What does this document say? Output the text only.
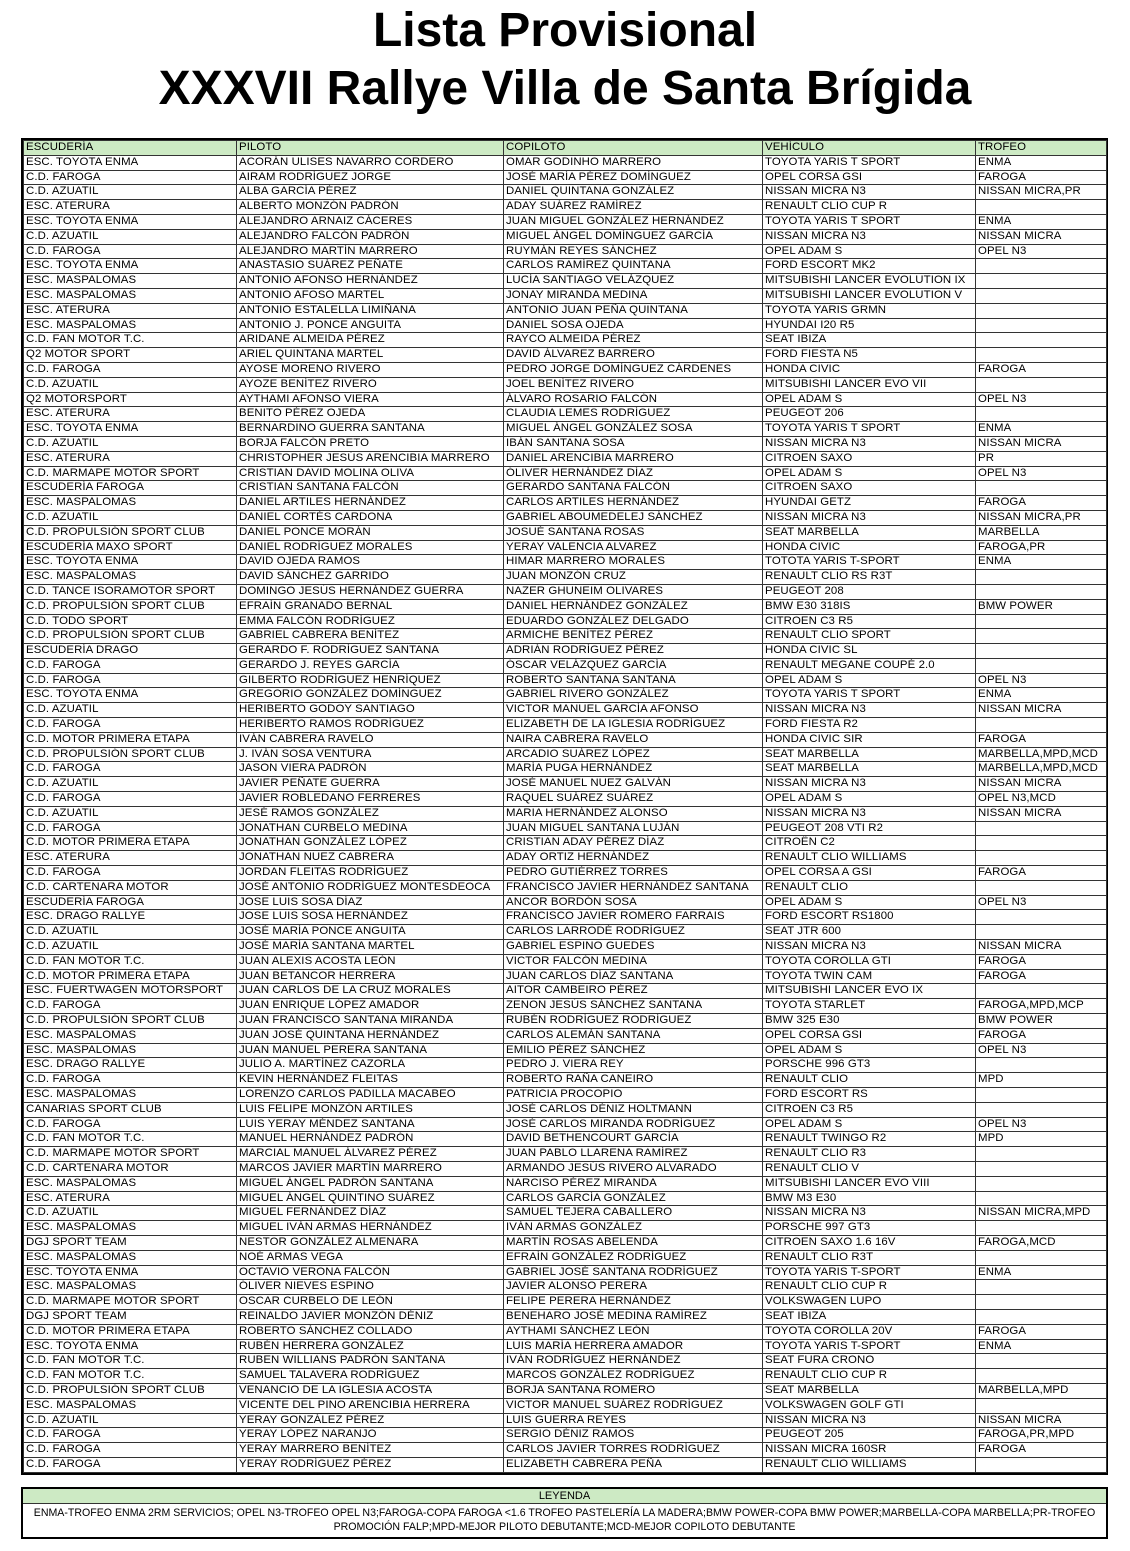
Lista Provisional
XXXVII Rallye Villa de Santa Brígida
ESCUDERÍA	PILOTO	COPILOTO	VEHÍCULO	TROFEO
ESC. TOYOTA ENMA	ACORÁN ULISES NAVARRO CORDERO	OMAR GODINHO MARRERO	TOYOTA YARIS T SPORT	ENMA
C.D. FAROGA	AIRAM RODRÍGUEZ JORGE	JOSÉ MARÍA PÉREZ DOMÍNGUEZ	OPEL CORSA GSI	FAROGA
C.D. AZUATIL	ALBA GARCÍA PÉREZ	DANIEL QUINTANA GONZÁLEZ	NISSAN MICRA N3	NISSAN MICRA,PR
ESC. ATERURA	ALBERTO MONZÓN PADRÓN	ADAY SUÁREZ RAMÍREZ	RENAULT CLIO CUP R	
ESC. TOYOTA ENMA	ALEJANDRO ARNAIZ CÁCERES	JUAN MIGUEL GONZÁLEZ HERNÁNDEZ	TOYOTA YARIS T SPORT	ENMA
C.D. AZUATIL	ALEJANDRO FALCÓN PADRÓN	MIGUEL ÁNGEL DOMÍNGUEZ GARCÍA	NISSAN MICRA N3	NISSAN MICRA
C.D. FAROGA	ALEJANDRO MARTÍN MARRERO	RUYMÁN REYES SÁNCHEZ	OPEL ADAM S	OPEL N3
ESC. TOYOTA ENMA	ANASTASIO SUÁREZ PEÑATE	CARLOS RAMÍREZ QUINTANA	FORD ESCORT MK2	
ESC. MASPALOMAS	ANTONIO AFONSO HERNÁNDEZ	LUCÍA SANTIAGO VELÁZQUEZ	MITSUBISHI LANCER EVOLUTION IX	
ESC. MASPALOMAS	ANTONIO AFOSO MARTEL	JONAY MIRANDA MEDINA	MITSUBISHI LANCER EVOLUTION V	
ESC. ATERURA	ANTONIO ESTALELLA LIMIÑANA	ANTONIO JUAN PEÑA QUINTANA	TOYOTA YARIS GRMN	
ESC. MASPALOMAS	ANTONIO J. PONCE ANGUITA	DANIEL SOSA OJEDA	HYUNDAI I20 R5	
C.D. FAN MOTOR T.C.	ARIDANE ALMEIDA PÉREZ	RAYCO ALMEIDA PÉREZ	SEAT IBIZA	
Q2 MOTOR SPORT	ARIEL QUINTANA MARTEL	DAVID ÁLVAREZ BARRERO	FORD FIESTA N5	
C.D. FAROGA	AYOSE MORENO RIVERO	PEDRO JORGE DOMÍNGUEZ CÁRDENES	HONDA CIVIC	FAROGA
C.D. AZUATIL	AYOZE BENÍTEZ RIVERO	JOEL BENÍTEZ RIVERO	MITSUBISHI LANCER EVO VII	
Q2 MOTORSPORT	AYTHAMI AFONSO VIERA	ÁLVARO ROSARIO FALCÓN	OPEL ADAM S	OPEL N3
ESC. ATERURA	BENITO PÉREZ OJEDA	CLAUDIA LEMES RODRÍGUEZ	PEUGEOT 206	
ESC. TOYOTA ENMA	BERNARDINO GUERRA SANTANA	MIGUEL ÁNGEL GONZÁLEZ SOSA	TOYOTA YARIS T SPORT	ENMA
C.D. AZUATIL	BORJA FALCÓN PRETO	IBÁN SANTANA SOSA	NISSAN MICRA N3	NISSAN MICRA
ESC. ATERURA	CHRISTOPHER JESÚS ARENCIBIA MARRERO	DANIEL ARENCIBIA MARRERO	CITROEN SAXO	PR
C.D. MARMAPE MOTOR SPORT	CRISTIAN DAVID MOLINA OLIVA	ÓLIVER HERNÁNDEZ DÍAZ	OPEL ADAM S	OPEL N3
ESCUDERÍA FAROGA	CRISTIAN SANTANA FALCÓN	GERARDO SANTANA FALCÓN	CITROEN SAXO	
ESC. MASPALOMAS	DANIEL ARTILES HERNÁNDEZ	CARLOS ARTILES HERNÁNDEZ	HYUNDAI GETZ	FAROGA
C.D. AZUATIL	DANIEL CORTÉS CARDONA	GABRIEL ABOUMEDELEJ SÁNCHEZ	NISSAN MICRA N3	NISSAN MICRA,PR
C.D. PROPULSIÓN SPORT CLUB	DANIEL PONCE MORÁN	JOSUÉ SANTANA ROSAS	SEAT MARBELLA	MARBELLA
ESCUDERÍA MAXO SPORT	DANIEL RODRÍGUEZ MORALES	YERAY VALENCIA ALVAREZ	HONDA CIVIC	FAROGA,PR
ESC. TOYOTA ENMA	DAVID OJEDA RAMOS	HIMAR MARRERO MORALES	TOTOTA YARIS T-SPORT	ENMA
ESC. MASPALOMAS	DAVID SÁNCHEZ GARRIDO	JUAN MONZÓN CRUZ	RENAULT CLIO RS R3T	
C.D. TANCE ISORAMOTOR SPORT	DOMINGO JESÚS HERNÁNDEZ GUERRA	NAZER GHUNEIM OLIVARES	PEUGEOT 208	
C.D. PROPULSIÓN SPORT CLUB	EFRAÍN GRANADO BERNAL	DANIEL HERNÁNDEZ GONZÁLEZ	BMW E30 318IS	BMW POWER
C.D. TODO SPORT	EMMA FALCÓN RODRÍGUEZ	EDUARDO GONZÁLEZ DELGADO	CITROEN C3 R5	
C.D. PROPULSIÓN SPORT CLUB	GABRIEL CABRERA BENÍTEZ	ARMICHE BENÍTEZ PÉREZ	RENAULT CLIO SPORT	
ESCUDERÍA DRAGO	GERARDO F. RODRÍGUEZ SANTANA	ADRIÁN RODRÍGUEZ PÉREZ	HONDA CIVIC SL	
C.D. FAROGA	GERARDO J. REYES GARCÍA	ÓSCAR VELÁZQUEZ GARCÍA	RENAULT MEGANE COUPÉ 2.0	
C.D. FAROGA	GILBERTO RODRÍGUEZ HENRÍQUEZ	ROBERTO SANTANA SANTANA	OPEL ADAM S	OPEL N3
ESC. TOYOTA ENMA	GREGORIO GONZÁLEZ DOMÍNGUEZ	GABRIEL RIVERO GONZÁLEZ	TOYOTA YARIS T SPORT	ENMA
C.D. AZUATIL	HERIBERTO GODOY SANTIAGO	VICTOR MANUEL GARCÍA AFONSO	NISSAN MICRA N3	NISSAN MICRA
C.D. FAROGA	HERIBERTO RAMOS RODRÍGUEZ	ELIZABETH DE LA IGLESIA RODRÍGUEZ	FORD FIESTA R2	
C.D. MOTOR PRIMERA ETAPA	IVÁN CABRERA RAVELO	NAIRA CABRERA RAVELO	HONDA CIVIC SIR	FAROGA
C.D. PROPULSIÓN SPORT CLUB	J. IVÁN SOSA VENTURA	ARCADIO SUÁREZ LÓPEZ	SEAT MARBELLA	MARBELLA,MPD,MCD
C.D. FAROGA	JASON VIERA PADRÓN	MARÍA PUGA HERNÁNDEZ	SEAT MARBELLA	MARBELLA,MPD,MCD
C.D. AZUATIL	JAVIER PEÑATE GUERRA	JOSÉ MANUEL NUEZ GALVÁN	NISSAN MICRA N3	NISSAN MICRA
C.D. FAROGA	JAVIER ROBLEDANO FERRERES	RAQUEL SUÁREZ SUÁREZ	OPEL ADAM S	OPEL N3,MCD
C.D. AZUATIL	JESÉ RAMOS GONZÁLEZ	MARIA HERNÁNDEZ ALONSO	NISSAN MICRA N3	NISSAN MICRA
C.D. FAROGA	JONATHAN CURBELO MEDINA	JUAN MIGUEL SANTANA LUJÁN	PEUGEOT 208 VTI R2	
C.D. MOTOR PRIMERA ETAPA	JONATHAN GONZÁLEZ LÓPEZ	CRISTIAN ADAY PÉREZ DÍAZ	CITROËN C2	
ESC. ATERURA	JONATHAN NUEZ CABRERA	ADAY ORTIZ HERNÁNDEZ	RENAULT CLIO WILLIAMS	
C.D. FAROGA	JORDAN FLEITAS RODRÍGUEZ	PEDRO GUTIÉRREZ TORRES	OPEL CORSA A GSI	FAROGA
C.D. CARTENARA MOTOR	JOSÉ ANTONIO RODRÍGUEZ MONTESDEOCA	FRANCISCO JAVIER HERNÁNDEZ SANTANA	RENAULT CLIO	
ESCUDERÍA FAROGA	JOSE LUIS SOSA DÍAZ	ANCOR BORDÓN SOSA	OPEL ADAM S	OPEL N3
ESC. DRAGO RALLYE	JOSE LUIS SOSA HERNÁNDEZ	FRANCISCO JAVIER ROMERO FARRAIS	FORD ESCORT RS1800	
C.D. AZUATIL	JOSÉ MARÍA PONCE ANGUITA	CARLOS LARRODÉ RODRÍGUEZ	SEAT JTR 600	
C.D. AZUATIL	JOSÉ MARÍA SANTANA MARTEL	GABRIEL ESPINO GUEDES	NISSAN MICRA N3	NISSAN MICRA
C.D. FAN MOTOR T.C.	JUAN ALEXIS ACOSTA LEÓN	VICTOR FALCÓN MEDINA	TOYOTA COROLLA GTI	FAROGA
C.D. MOTOR PRIMERA ETAPA	JUAN BETANCOR HERRERA	JUAN CARLOS DÍAZ SANTANA	TOYOTA TWIN CAM	FAROGA
ESC. FUERTWAGEN MOTORSPORT	JUAN CARLOS DE LA CRUZ MORALES	AITOR CAMBEIRO PÉREZ	MITSUBISHI LANCER EVO IX	
C.D. FAROGA	JUAN ENRIQUE LÓPEZ AMADOR	ZENON JESÚS SÁNCHEZ SANTANA	TOYOTA STARLET	FAROGA,MPD,MCP
C.D. PROPULSIÓN SPORT CLUB	JUAN FRANCISCO SANTANA MIRANDA	RUBÉN RODRÍGUEZ RODRÍGUEZ	BMW 325 E30	BMW POWER
ESC. MASPALOMAS	JUAN JOSÉ QUINTANA HERNÁNDEZ	CARLOS ALEMÁN SANTANA	OPEL CORSA GSI	FAROGA
ESC. MASPALOMAS	JUAN MANUEL PERERA SANTANA	EMILIO PÉREZ SÁNCHEZ	OPEL ADAM S	OPEL N3
ESC. DRAGO RALLYE	JULIO A. MARTÍNEZ CAZORLA	PEDRO J. VIERA REY	PORSCHE 996 GT3	
C.D. FAROGA	KEVIN HERNÁNDEZ FLEITAS	ROBERTO RAÑA CANEIRO	RENAULT CLIO	MPD
ESC. MASPALOMAS	LORENZO CARLOS PADILLA MACABEO	PATRICIA PROCOPIO	FORD ESCORT RS	
CANARIAS SPORT CLUB	LUIS FELIPE MONZÓN ARTILES	JOSÉ CARLOS DÉNIZ HOLTMANN	CITROEN C3 R5	
C.D. FAROGA	LUIS YERAY MÉNDEZ SANTANA	JOSÉ CARLOS MIRANDA RODRÍGUEZ	OPEL ADAM S	OPEL N3
C.D. FAN MOTOR T.C.	MANUEL HERNÁNDEZ PADRÓN	DAVID BETHENCOURT GARCÍA	RENAULT TWINGO R2	MPD
C.D. MARMAPE MOTOR SPORT	MARCIAL MANUEL ÁLVAREZ PÉREZ	JUAN PABLO LLARENA RAMÍREZ	RENAULT CLIO R3	
C.D. CARTENARA MOTOR	MARCOS JAVIER MARTÍN MARRERO	ARMANDO JESÚS RIVERO ALVARADO	RENAULT CLIO V	
ESC. MASPALOMAS	MIGUEL ÁNGEL PADRÓN SANTANA	NARCISO PÉREZ MIRANDA	MITSUBISHI LANCER EVO VIII	
ESC. ATERURA	MIGUEL ÁNGEL QUINTINO SUÁREZ	CARLOS GARCÍA GONZÁLEZ	BMW M3 E30	
C.D. AZUATIL	MIGUEL FERNÁNDEZ DÍAZ	SAMUEL TEJERA CABALLERO	NISSAN MICRA N3	NISSAN MICRA,MPD
ESC. MASPALOMAS	MIGUEL IVÁN ARMAS HERNÁNDEZ	IVÁN ARMAS GONZÁLEZ	PORSCHE 997 GT3	
DGJ SPORT TEAM	NESTOR GONZÁLEZ ALMENARA	MARTÍN ROSAS ABELENDA	CITROEN SAXO 1.6 16V	FAROGA,MCD
ESC. MASPALOMAS	NOÉ ARMAS VEGA	EFRAÍN GONZÁLEZ RODRÍGUEZ	RENAULT CLIO R3T	
ESC. TOYOTA ENMA	OCTAVIO VERONA FALCÓN	GABRIEL JOSÉ SANTANA RODRÍGUEZ	TOYOTA YARIS T-SPORT	ENMA
ESC. MASPALOMAS	ÓLIVER NIEVES ESPINO	JAVIER ALONSO PERERA	RENAULT CLIO CUP R	
C.D. MARMAPE MOTOR SPORT	OSCAR CURBELO DE LEÓN	FELIPE PERERA HERNÁNDEZ	VOLKSWAGEN LUPO	
DGJ SPORT TEAM	REINALDO JAVIER MONZÓN DÉNIZ	BENEHARO JOSÉ MEDINA RAMÍREZ	SEAT IBIZA	
C.D. MOTOR PRIMERA ETAPA	ROBERTO SÁNCHEZ COLLADO	AYTHAMI SÁNCHEZ LEÓN	TOYOTA COROLLA 20V	FAROGA
ESC. TOYOTA ENMA	RUBÉN HERRERA GONZÁLEZ	LUIS MARÍA HERRERA AMADOR	TOYOTA YARIS T-SPORT	ENMA
C.D. FAN MOTOR T.C.	RUBEN WILLIANS PADRÓN SANTANA	IVÁN RODRÍGUEZ HERNÁNDEZ	SEAT FURA CRONO	
C.D. FAN MOTOR T.C.	SAMUEL TALAVERA RODRÍGUEZ	MARCOS GONZÁLEZ RODRÍGUEZ	RENAULT CLIO CUP R	
C.D. PROPULSIÓN SPORT CLUB	VENANCIO DE LA IGLESIA ACOSTA	BORJA SANTANA ROMERO	SEAT MARBELLA	MARBELLA,MPD
ESC. MASPALOMAS	VICENTE DEL PINO ARENCIBIA HERRERA	VICTOR MANUEL SUÁREZ RODRÍGUEZ	VOLKSWAGEN GOLF GTI	
C.D. AZUATIL	YERAY GONZÁLEZ PÉREZ	LUIS GUERRA REYES	NISSAN MICRA N3	NISSAN MICRA
C.D. FAROGA	YERAY LÓPEZ NARANJO	SERGIO DÉNIZ RAMOS	PEUGEOT 205	FAROGA,PR,MPD
C.D. FAROGA	YERAY MARRERO BENÍTEZ	CARLOS JAVIER TORRES RODRÍGUEZ	NISSAN MICRA 160SR	FAROGA
C.D. FAROGA	YERAY RODRÍGUEZ PÉREZ	ELIZABETH CABRERA PEÑA	RENAULT CLIO WILLIAMS	
LEYENDA
ENMA-TROFEO ENMA 2RM SERVICIOS; OPEL N3-TROFEO OPEL N3;FAROGA-COPA FAROGA <1.6 TROFEO PASTELERÍA LA MADERA;BMW POWER-COPA BMW POWER;MARBELLA-COPA MARBELLA;PR-TROFEO PROMOCIÓN FALP;MPD-MEJOR PILOTO DEBUTANTE;MCD-MEJOR COPILOTO DEBUTANTE
